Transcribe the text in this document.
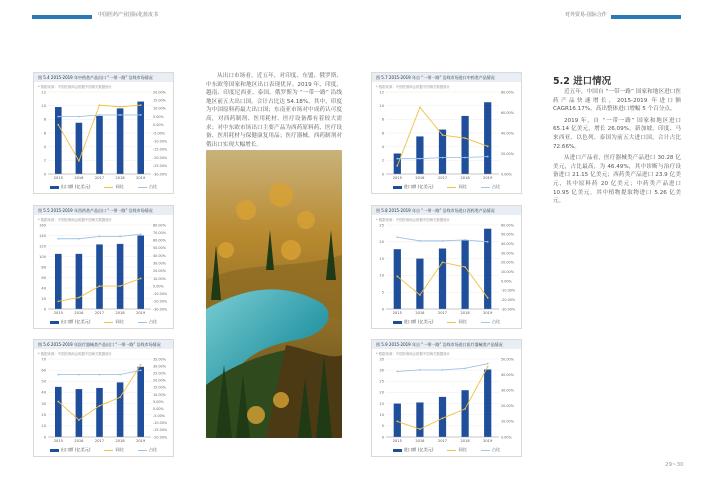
中国医药产业国际化蓝皮书	对外贸易-国际合作
图 5.4 2015-2019 年中药类产品出口 “一带一路” 沿线市场情况
* 数据来源：中国医保商会根据中国海关数据统计
0
2
4
6
8
10
12
-30.00%
-25.00%
-20.00%
-15.00%
-10.00%
-5.00%
0.00%
5.00%
10.00%
15.00%
20.00%
2015	2016	2017	2018	2019
出口额 (亿美元)	同比	占比
图 5.5 2015-2019 年西药类产品出口 “一带一路” 沿线市场情况
* 数据来源：中国医保商会根据中国海关数据统计
0
20
40
60
80
100
120
140
160
-30.00%
-20.00%
-10.00%
0.00%
10.00%
20.00%
30.00%
40.00%
50.00%
60.00%
70.00%
80.00%
2015	2016	2017	2018	2019
出口额 (亿美元)	同比	占比
图 5.6 2015-2019 年医疗器械类产品出口 “一带一路” 沿线市场情况
* 数据来源：中国医保商会根据中国海关数据统计
0
10
20
30
40
50
60
70
-20.00%
-15.00%
-10.00%
-5.00%
0.00%
5.00%
10.00%
15.00%
20.00%
25.00%
30.00%
35.00%
2015	2016	2017	2018	2019
出口额 (亿美元)	同比	占比

从出口市场看，近五年，对印度、东盟、俄罗斯、中东欧等国家和地区出口表现优异。2019 年，印度、越南、印度尼西亚、泰国、俄罗斯为 “一带一路” 沿线地区前五大出口国，合计占比达 54.18%。其中，印度为中国原料药最大出口国；东南亚市场对中成药认可度高，对西药制剂、医用耗材、医疗设备都有着较大需求；对中东欧市场出口主要产品为西药原料药、医疗设备、医用耗材与保健康复用品；医疗器械、西药制剂对俄出口实现大幅增长。

图 5.7 2015-2019 年自 “一带一路” 沿线市场进口中药类产品情况
* 数据来源：中国医保商会根据中国海关数据统计
0
2
4
6
8
10
12
0.00%
20.00%
40.00%
60.00%
80.00%
2015	2016	2017	2018	2019
进口额 (亿美元)	同比	占比
图 5.8 2015-2019 年自 “一带一路” 沿线市场进口西药类产品情况
* 数据来源：中国医保商会根据中国海关数据统计
0
5
10
15
20
25
-30.00%
-20.00%
-10.00%
0.00%
10.00%
20.00%
30.00%
40.00%
50.00%
60.00%
2015	2016	2017	2018	2019
进口额 (亿美元)	同比	占比
图 5.9 2015-2019 年自 “一带一路” 沿线市场进口医疗器械类产品情况
* 数据来源：中国医保商会根据中国海关数据统计
0
5
10
15
20
25
30
35
0.00%
10.00%
20.00%
30.00%
40.00%
50.00%
2015	2016	2017	2018	2019
进口额 (亿美元)	同比	占比
5.2 进口情况

近五年，中国自 “一带一路” 国家和地区进口医药产品快速增长，2015-2019 年进口额 CAGR16.17%，高出整体进口增幅 5 个百分点。

2019 年，自 “一带一路” 国家和地区进口 65.14 亿美元，增长 26.09%。新加坡、印度、马来西亚、以色列、泰国为前五大进口国，合计占比 72.66%。

从进口产品看，医疗器械类产品进口 30.28 亿美元，占比最高，为 46.49%，其中诊断与治疗设备进口 21.15 亿美元；西药类产品进口 23.9 亿美元，其中原料药 20 亿美元；中药类产品进口 10.95 亿美元，其中植物提取物进口 5.26 亿美元。

29~30
